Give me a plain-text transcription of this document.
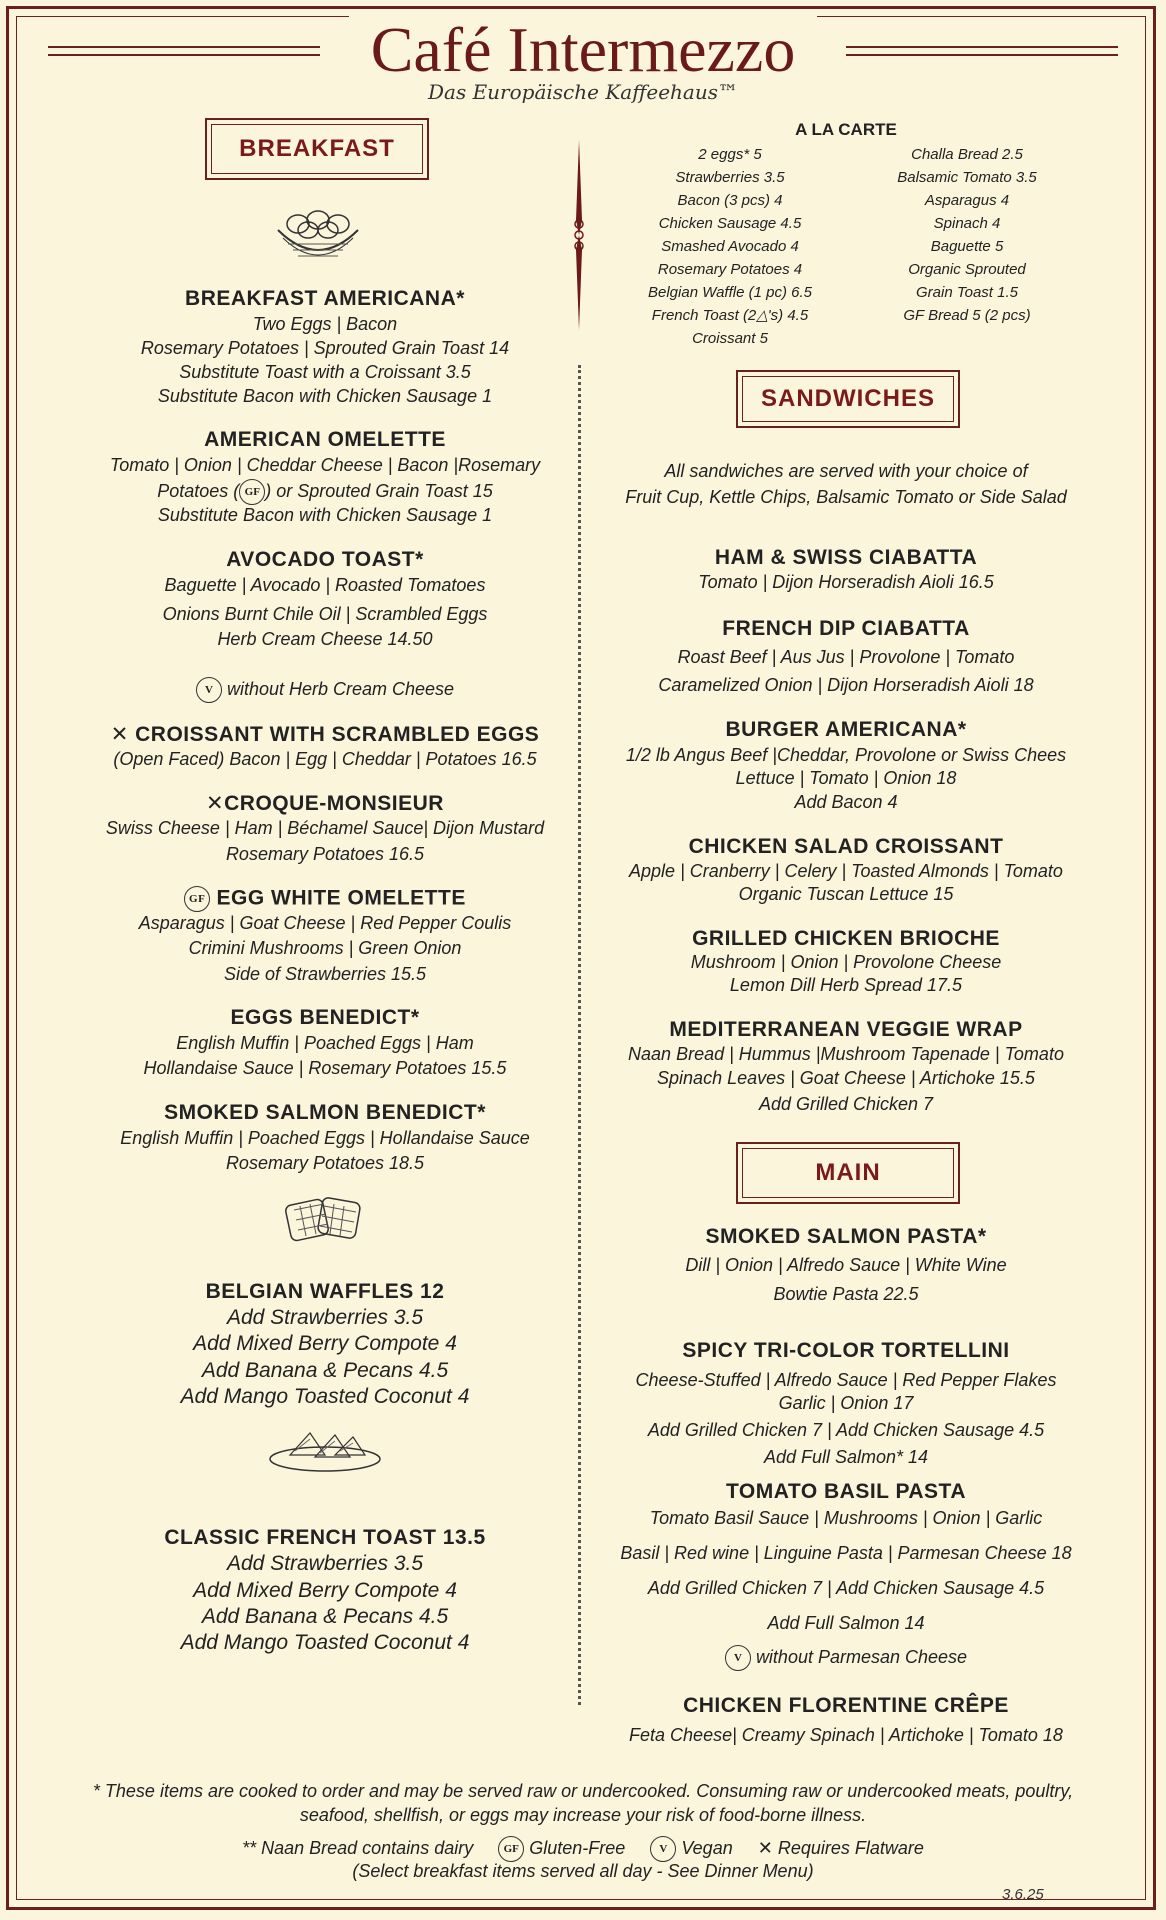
Café Intermezzo
Das Europäische Kaffeehaus™
BREAKFAST
BREAKFAST AMERICANA*
Two Eggs | Bacon
Rosemary Potatoes | Sprouted Grain Toast 14
Substitute Toast with a Croissant 3.5
Substitute Bacon with Chicken Sausage 1
AMERICAN OMELETTE
Tomato | Onion | Cheddar Cheese | Bacon |Rosemary
Potatoes ( GF ) or Sprouted Grain Toast 15
Substitute Bacon with Chicken Sausage 1
AVOCADO TOAST*
Baguette | Avocado | Roasted Tomatoes
Onions Burnt Chile Oil | Scrambled Eggs
Herb Cream Cheese 14.50
V without Herb Cream Cheese
✕ CROISSANT WITH SCRAMBLED EGGS
(Open Faced) Bacon | Egg | Cheddar | Potatoes 16.5
✕CROQUE-MONSIEUR
Swiss Cheese | Ham | Béchamel Sauce| Dijon Mustard
Rosemary Potatoes 16.5
GF EGG WHITE OMELETTE
Asparagus | Goat Cheese | Red Pepper Coulis
Crimini Mushrooms | Green Onion
Side of Strawberries 15.5
EGGS BENEDICT*
English Muffin | Poached Eggs | Ham
Hollandaise Sauce | Rosemary Potatoes 15.5
SMOKED SALMON BENEDICT*
English Muffin | Poached Eggs | Hollandaise Sauce
Rosemary Potatoes 18.5
BELGIAN WAFFLES 12
Add Strawberries 3.5
Add Mixed Berry Compote 4
Add Banana & Pecans 4.5
Add Mango Toasted Coconut 4
CLASSIC FRENCH TOAST 13.5
Add Strawberries 3.5
Add Mixed Berry Compote 4
Add Banana & Pecans 4.5
Add Mango Toasted Coconut 4
A LA CARTE
2 eggs* 5
Strawberries 3.5
Bacon (3 pcs) 4
Chicken Sausage 4.5
Smashed Avocado 4
Rosemary Potatoes 4
Belgian Waffle (1 pc) 6.5
French Toast (2△'s) 4.5
Croissant 5
Challa Bread 2.5
Balsamic Tomato 3.5
Asparagus 4
Spinach 4
Baguette 5
Organic Sprouted
Grain Toast 1.5
GF Bread 5 (2 pcs)
SANDWICHES
All sandwiches are served with your choice of
Fruit Cup, Kettle Chips, Balsamic Tomato or Side Salad
HAM & SWISS CIABATTA
Tomato | Dijon Horseradish Aioli 16.5
FRENCH DIP CIABATTA
Roast Beef | Aus Jus | Provolone | Tomato
Caramelized Onion | Dijon Horseradish Aioli 18
BURGER AMERICANA*
1/2 lb Angus Beef |Cheddar, Provolone or Swiss Chees
Lettuce | Tomato | Onion 18
Add Bacon 4
CHICKEN SALAD CROISSANT
Apple | Cranberry | Celery | Toasted Almonds | Tomato
Organic Tuscan Lettuce 15
GRILLED CHICKEN BRIOCHE
Mushroom | Onion | Provolone Cheese
Lemon Dill Herb Spread 17.5
MEDITERRANEAN VEGGIE WRAP
Naan Bread | Hummus |Mushroom Tapenade | Tomato
Spinach Leaves | Goat Cheese | Artichoke 15.5
Add Grilled Chicken 7
MAIN
SMOKED SALMON PASTA*
Dill | Onion | Alfredo Sauce | White Wine
Bowtie Pasta 22.5
SPICY TRI-COLOR TORTELLINI
Cheese-Stuffed | Alfredo Sauce | Red Pepper Flakes
Garlic | Onion 17
Add Grilled Chicken 7 | Add Chicken Sausage 4.5
Add Full Salmon* 14
TOMATO BASIL PASTA
Tomato Basil Sauce | Mushrooms | Onion | Garlic
Basil | Red wine | Linguine Pasta | Parmesan Cheese 18
Add Grilled Chicken 7 | Add Chicken Sausage 4.5
Add Full Salmon 14
V without Parmesan Cheese
CHICKEN FLORENTINE CRÊPE
Feta Cheese| Creamy Spinach | Artichoke | Tomato 18
* These items are cooked to order and may be served raw or undercooked. Consuming raw or undercooked meats, poultry,
seafood, shellfish, or eggs may increase your risk of food-borne illness.
** Naan Bread contains dairy	GF Gluten-Free	V Vegan ✕ Requires Flatware
(Select breakfast items served all day - See Dinner Menu)
3.6.25
